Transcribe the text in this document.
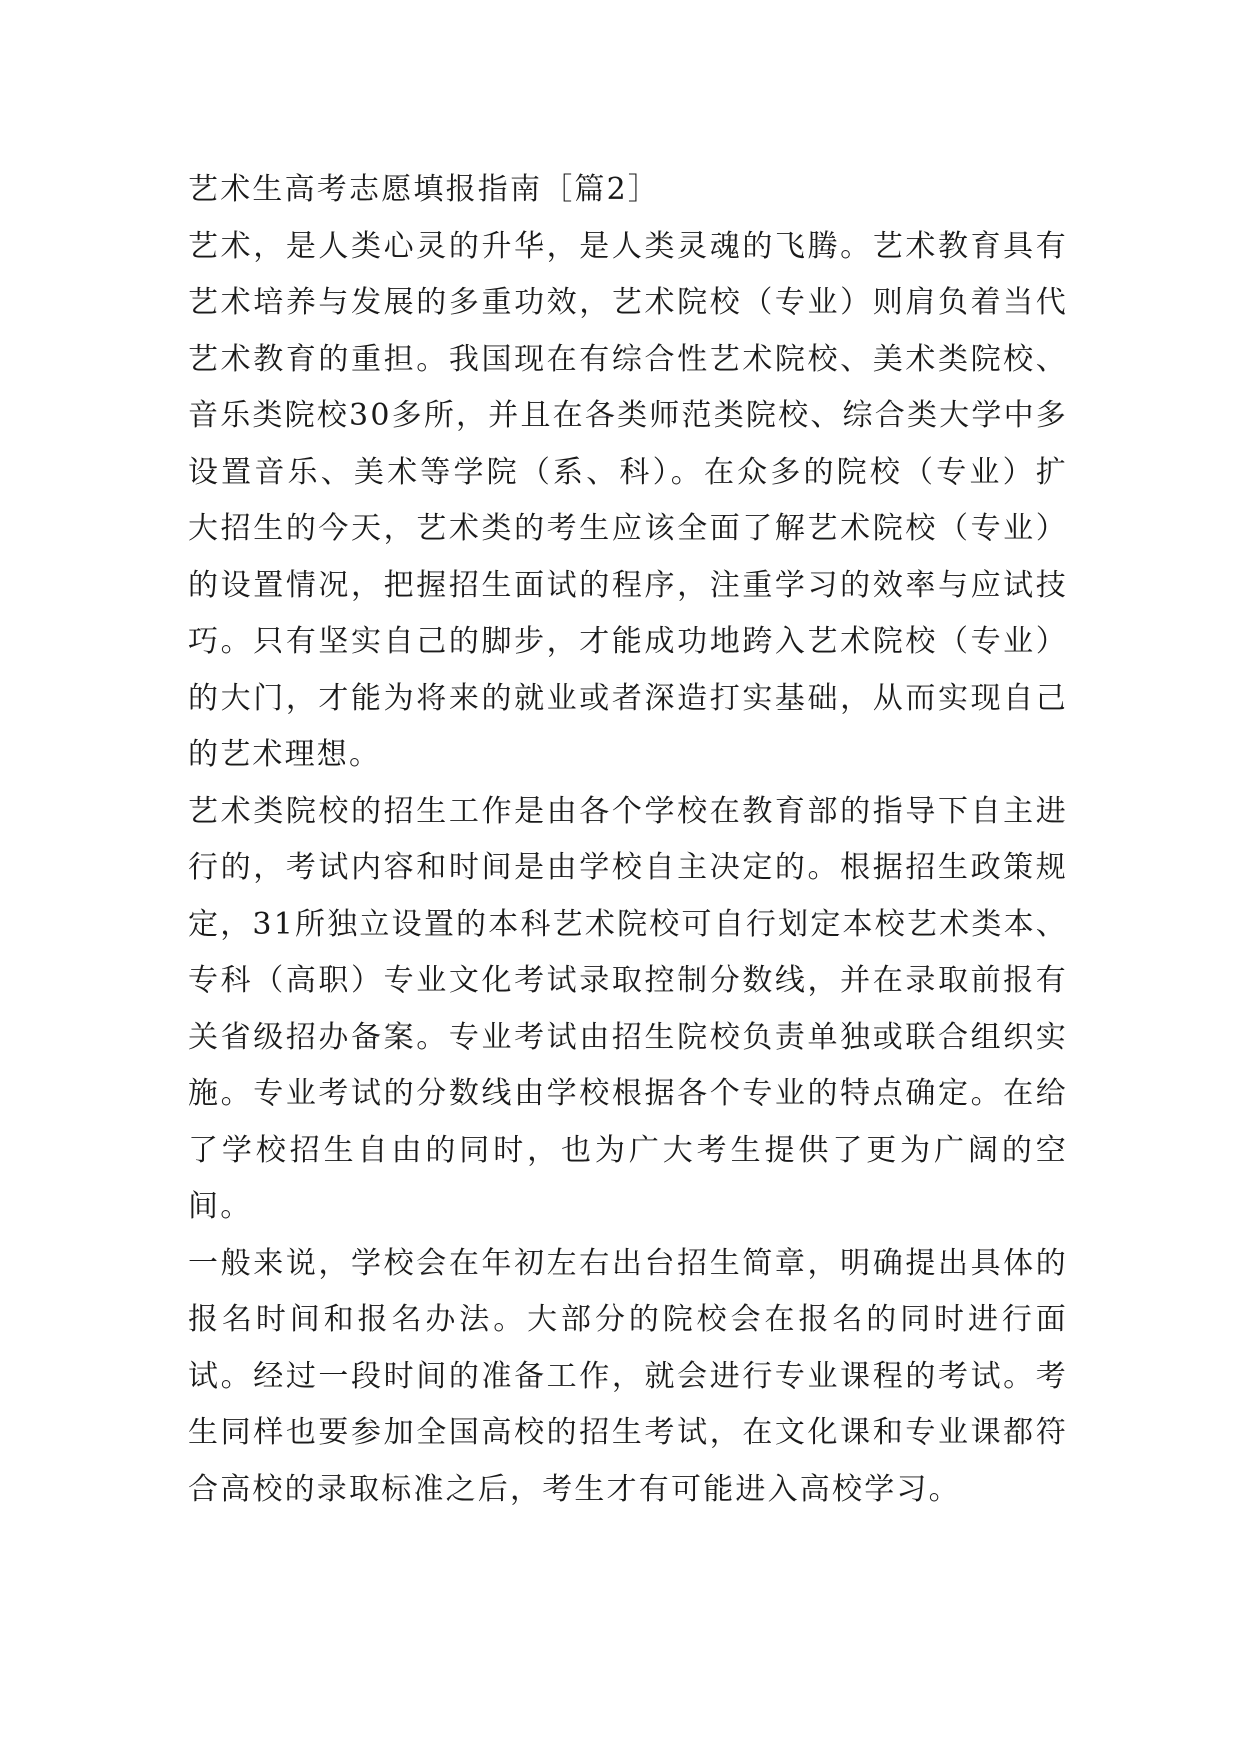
艺术生高考志愿填报指南［篇2］

艺术，是人类心灵的升华，是人类灵魂的飞腾。艺术教育具有艺术培养与发展的多重功效，艺术院校（专业）则肩负着当代艺术教育的重担。我国现在有综合性艺术院校、美术类院校、音乐类院校30多所，并且在各类师范类院校、综合类大学中多设置音乐、美术等学院（系、科）。在众多的院校（专业）扩大招生的今天，艺术类的考生应该全面了解艺术院校（专业）的设置情况，把握招生面试的程序，注重学习的效率与应试技巧。只有坚实自己的脚步，才能成功地跨入艺术院校（专业）的大门，才能为将来的就业或者深造打实基础，从而实现自己的艺术理想。

艺术类院校的招生工作是由各个学校在教育部的指导下自主进行的，考试内容和时间是由学校自主决定的。根据招生政策规定，31所独立设置的本科艺术院校可自行划定本校艺术类本、专科（高职）专业文化考试录取控制分数线，并在录取前报有关省级招办备案。专业考试由招生院校负责单独或联合组织实施。专业考试的分数线由学校根据各个专业的特点确定。在给了学校招生自由的同时，也为广大考生提供了更为广阔的空间。

一般来说，学校会在年初左右出台招生简章，明确提出具体的报名时间和报名办法。大部分的院校会在报名的同时进行面试。经过一段时间的准备工作，就会进行专业课程的考试。考生同样也要参加全国高校的招生考试，在文化课和专业课都符合高校的录取标准之后，考生才有可能进入高校学习。
